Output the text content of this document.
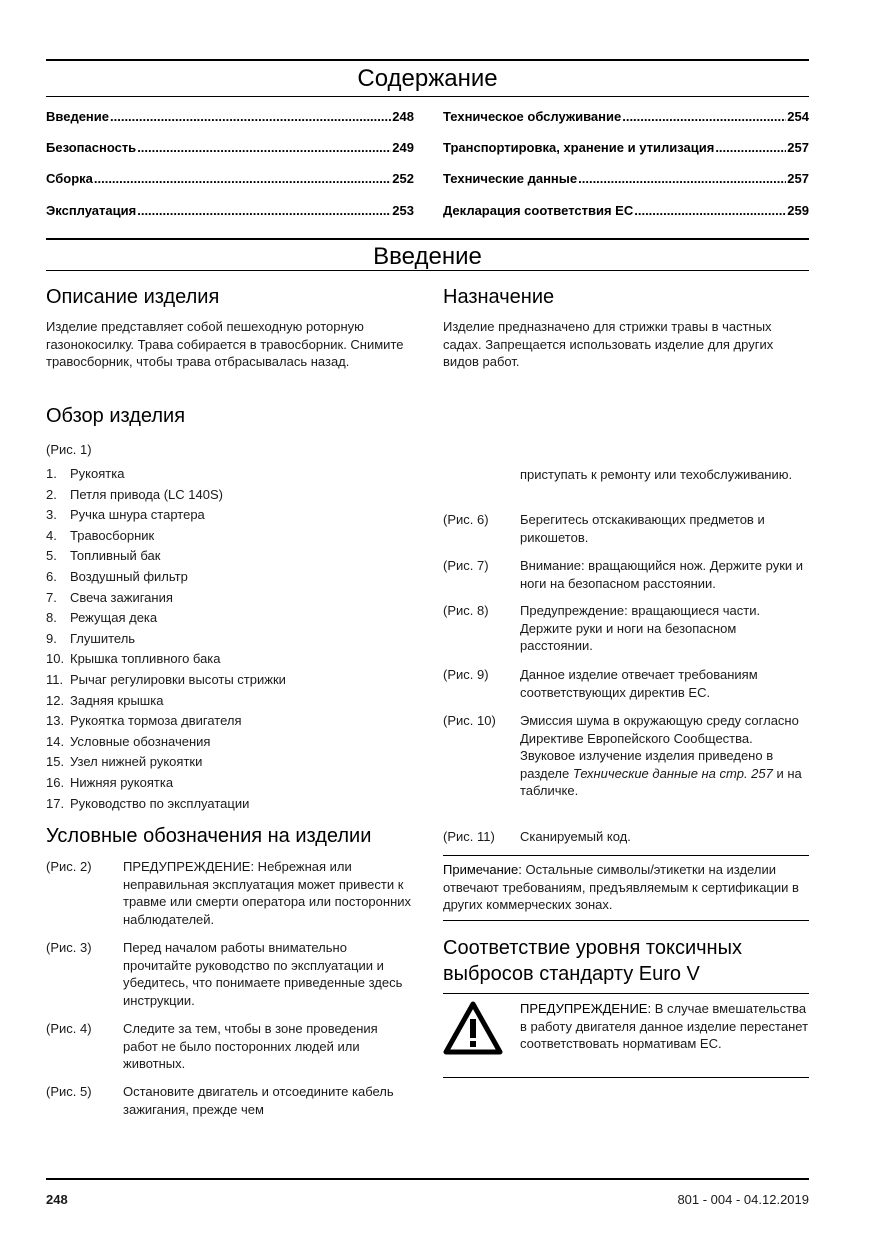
Содержание
Введение .....	248
Безопасность .....	249
Сборка .....	252
Эксплуатация .....	253
Техническое обслуживание .....	254
Транспортировка, хранение и утилизация .....	257
Технические данные .....	257
Декларация соответствия ЕС .....	259
Введение
Описание изделия

Изделие представляет собой пешеходную роторную газонокосилку. Трава собирается в травосборник. Снимите травосборник, чтобы трава отбрасывалась назад.

Обзор изделия

(Рис. 1)

1.	Рукоятка
2.	Петля привода (LC 140S)
3.	Ручка шнура стартера
4.	Травосборник
5.	Топливный бак
6.	Воздушный фильтр
7.	Свеча зажигания
8.	Режущая дека
9.	Глушитель
10. Крышка топливного бака
11. Рычаг регулировки высоты стрижки
12. Задняя крышка
13. Рукоятка тормоза двигателя
14. Условные обозначения
15. Узел нижней рукоятки
16. Нижняя рукоятка
17. Руководство по эксплуатации
Условные обозначения на изделии
(Рис. 2)	ПРЕДУПРЕЖДЕНИЕ: Небрежная или неправильная эксплуатация может привести к травме или смерти оператора или посторонних наблюдателей.
(Рис. 3)	Перед началом работы внимательно прочитайте руководство по эксплуатации и убедитесь, что понимаете приведенные здесь инструкции.
(Рис. 4)	Следите за тем, чтобы в зоне проведения работ не было посторонних людей или животных.
(Рис. 5)	Остановите двигатель и отсоедините кабель зажигания, прежде чем
Назначение

Изделие предназначено для стрижки травы в частных садах. Запрещается использовать изделие для других видов работ.

приступать к ремонту или техобслуживанию.

(Рис. 6)	Берегитесь отскакивающих предметов и рикошетов.
(Рис. 7)	Внимание: вращающийся нож. Держите руки и ноги на безопасном расстоянии.
(Рис. 8)	Предупреждение: вращающиеся части. Держите руки и ноги на безопасном расстоянии.
(Рис. 9)	Данное изделие отвечает требованиям соответствующих директив ЕС.
(Рис. 10)	Эмиссия шума в окружающую среду согласно Директиве Европейского Сообщества. Звуковое излучение изделия приведено в разделе Технические данные на стр. 257 и на табличке.
(Рис. 11)	Сканируемый код.

Примечание: Остальные символы/этикетки на изделии отвечают требованиям, предъявляемым к сертификации в других коммерческих зонах.

Соответствие уровня токсичных выбросов стандарту Euro V

ПРЕДУПРЕЖДЕНИЕ: В случае вмешательства в работу двигателя данное изделие перестанет соответствовать нормативам ЕС.

248	801 - 004 - 04.12.2019
